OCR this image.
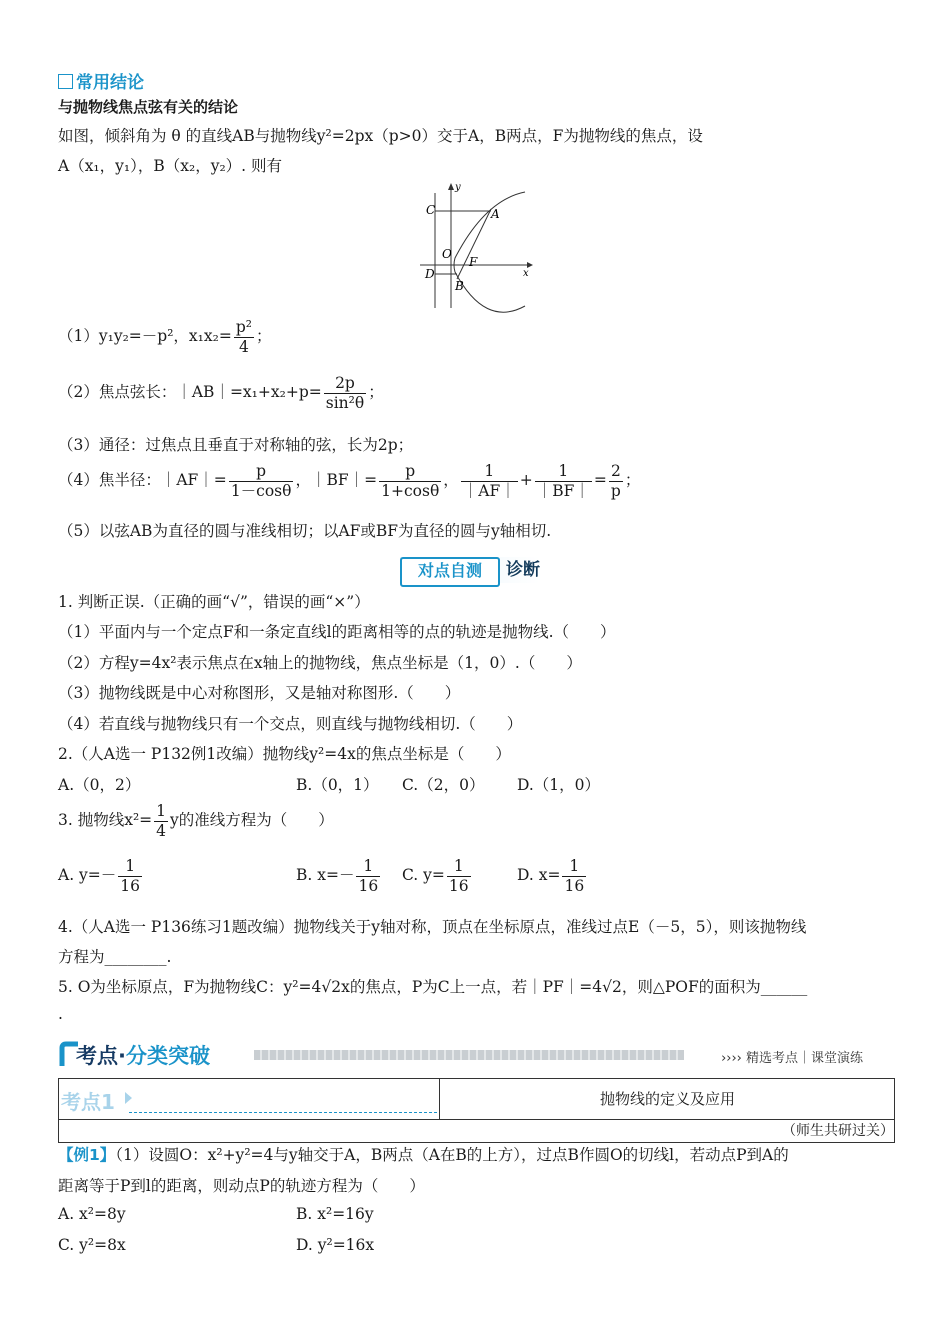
常用结论
与抛物线焦点弦有关的结论
如图，倾斜角为 θ 的直线AB与抛物线y²=2px（p>0）交于A，B两点，F为抛物线的焦点，设
A（x₁，y₁），B（x₂，y₂）. 则有
y
x
C	A
O
F
D
B
（1）y₁y₂=－p²，$x_1x_2= \frac{\text{p²}}{4}$ ；
（2）焦点弦长：｜AB｜=x₁+x₂+p= $\frac{2p}{\text{sin²θ}}$ ；
（3）通径：过焦点且垂直于对称轴的弦，长为2p；
（4）焦半径：｜AF｜= $\frac{p}{1-\cos\theta}$ ，｜BF｜= $\frac{p}{1+\cos\theta}$ ， $\frac{1}{|AF|} + \frac{1}{|BF|} = \frac{2}{p}$ ；
（5）以弦AB为直径的圆与准线相切；以AF或BF为直径的圆与y轴相切.
对点自测	诊断
1. 判断正误.（正确的画“√”，错误的画“×”）
（1）平面内与一个定点F和一条定直线l的距离相等的点的轨迹是抛物线.（　　）
（2）方程y=4x²表示焦点在x轴上的抛物线，焦点坐标是（1，0）.（　　）
（3）抛物线既是中心对称图形，又是轴对称图形.（　　）
（4）若直线与抛物线只有一个交点，则直线与抛物线相切.（　　）
2.（人A选一 P132例1改编）抛物线y²=4x的焦点坐标是（　　）
A.（0，2）	B.（0，1） C.（2，0） D.（1，0）
3. 抛物线$x^2= \frac{1}{4}$ y的准线方程为（　　）
A. $y=- \frac{1}{16}$	B. $x=- \frac{1}{16} C$. $y= \frac{1}{16}$	D. $x= \frac{1}{16}$
4.（人A选一 P136练习1题改编）抛物线关于y轴对称，顶点在坐标原点，准线过点E（－5，5），则该抛物线
方程为________.
5. O为坐标原点，F为抛物线C：y²=4√2x的焦点，P为C上一点，若｜PF｜=4√2，则△POF的面积为______
.
考点·分类突破	›››› 精选考点｜课堂演练
考点1	抛物线的定义及应用
（师生共研过关）
【例1】（1）设圆O：x²+y²=4与y轴交于A，B两点（A在B的上方），过点B作圆O的切线l，若动点P到A的
距离等于P到l的距离，则动点P的轨迹方程为（　　）
A. x²=8y	B. x²=16y
C. y²=8x	D. y²=16x
